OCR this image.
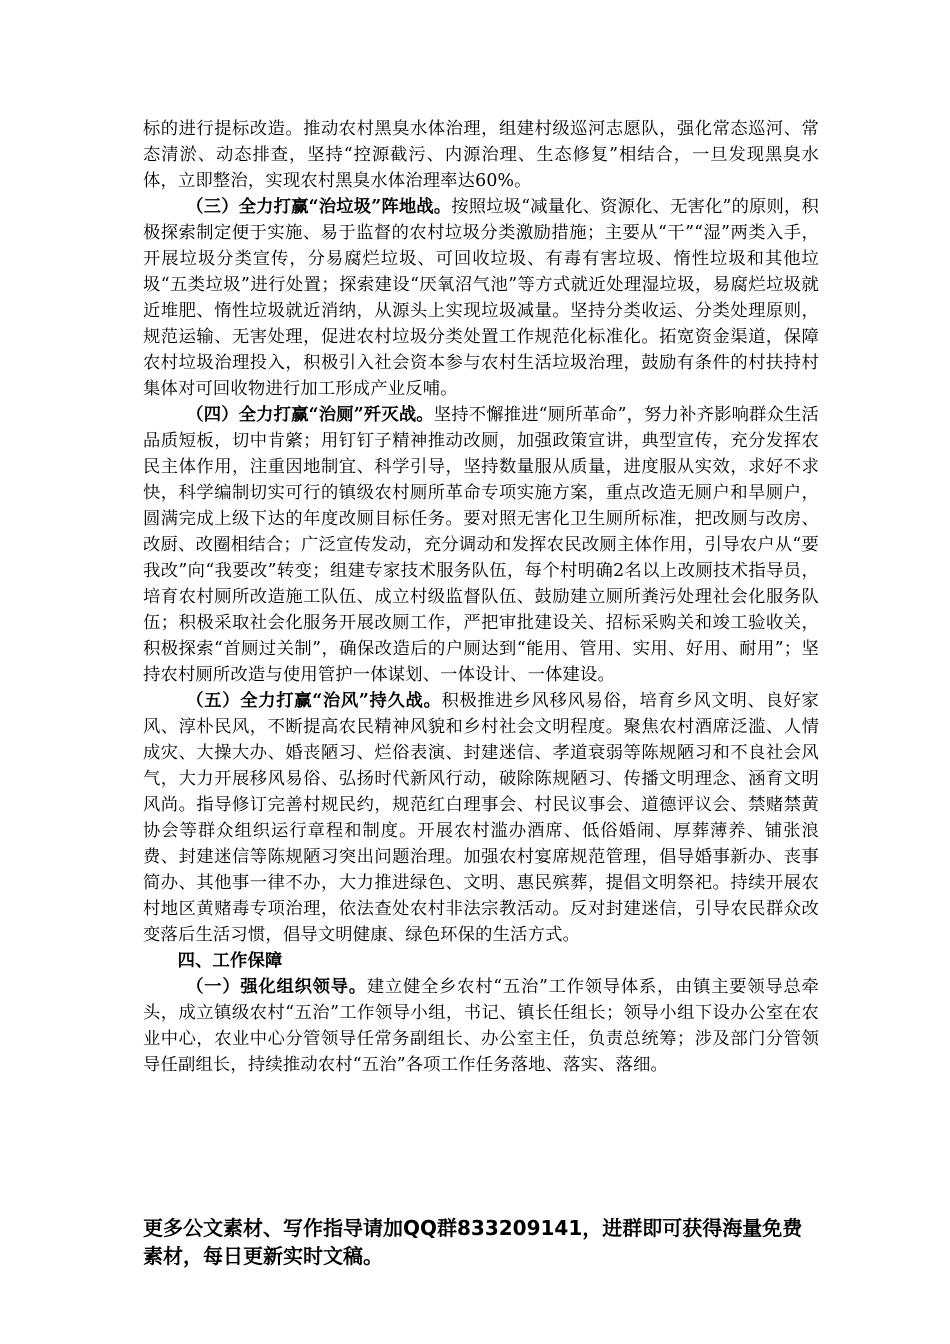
标的进行提标改造。推动农村黑臭水体治理，组建村级巡河志愿队，强化常态巡河、常态清淤、动态排查，坚持“控源截污、内源治理、生态修复”相结合，一旦发现黑臭水体，立即整治，实现农村黑臭水体治理率达60%。

（三）全力打赢“治垃圾”阵地战。按照垃圾“减量化、资源化、无害化”的原则，积极探索制定便于实施、易于监督的农村垃圾分类激励措施；主要从“干”“湿”两类入手，开展垃圾分类宣传，分易腐烂垃圾、可回收垃圾、有毒有害垃圾、惰性垃圾和其他垃圾“五类垃圾”进行处置；探索建设“厌氧沼气池”等方式就近处理湿垃圾，易腐烂垃圾就近堆肥、惰性垃圾就近消纳，从源头上实现垃圾减量。坚持分类收运、分类处理原则，规范运输、无害处理，促进农村垃圾分类处置工作规范化标准化。拓宽资金渠道，保障农村垃圾治理投入，积极引入社会资本参与农村生活垃圾治理，鼓励有条件的村扶持村集体对可回收物进行加工形成产业反哺。

（四）全力打赢“治厕”歼灭战。坚持不懈推进“厕所革命”，努力补齐影响群众生活品质短板，切中肯綮；用钉钉子精神推动改厕，加强政策宣讲，典型宣传，充分发挥农民主体作用，注重因地制宜、科学引导，坚持数量服从质量，进度服从实效，求好不求快，科学编制切实可行的镇级农村厕所革命专项实施方案，重点改造无厕户和旱厕户，圆满完成上级下达的年度改厕目标任务。要对照无害化卫生厕所标准，把改厕与改房、改厨、改圈相结合；广泛宣传发动，充分调动和发挥农民改厕主体作用，引导农户从“要我改”向“我要改”转变；组建专家技术服务队伍，每个村明确2名以上改厕技术指导员，培育农村厕所改造施工队伍、成立村级监督队伍、鼓励建立厕所粪污处理社会化服务队伍；积极采取社会化服务开展改厕工作，严把审批建设关、招标采购关和竣工验收关，积极探索“首厕过关制”，确保改造后的户厕达到“能用、管用、实用、好用、耐用”；坚持农村厕所改造与使用管护一体谋划、一体设计、一体建设。

（五）全力打赢“治风”持久战。积极推进乡风移风易俗，培育乡风文明、良好家风、淳朴民风，不断提高农民精神风貌和乡村社会文明程度。聚焦农村酒席泛滥、人情成灾、大操大办、婚丧陋习、烂俗表演、封建迷信、孝道衰弱等陈规陋习和不良社会风气，大力开展移风易俗、弘扬时代新风行动，破除陈规陋习、传播文明理念、涵育文明风尚。指导修订完善村规民约，规范红白理事会、村民议事会、道德评议会、禁赌禁黄协会等群众组织运行章程和制度。开展农村滥办酒席、低俗婚闹、厚葬薄养、铺张浪费、封建迷信等陈规陋习突出问题治理。加强农村宴席规范管理，倡导婚事新办、丧事简办、其他事一律不办，大力推进绿色、文明、惠民殡葬，提倡文明祭祀。持续开展农村地区黄赌毒专项治理，依法查处农村非法宗教活动。反对封建迷信，引导农民群众改变落后生活习惯，倡导文明健康、绿色环保的生活方式。

四、工作保障

（一）强化组织领导。建立健全乡农村“五治”工作领导体系，由镇主要领导总牵头，成立镇级农村“五治”工作领导小组，书记、镇长任组长；领导小组下设办公室在农业中心，农业中心分管领导任常务副组长、办公室主任，负责总统筹；涉及部门分管领导任副组长，持续推动农村“五治”各项工作任务落地、落实、落细。

更多公文素材、写作指导请加QQ群833209141，进群即可获得海量免费素材，每日更新实时文稿。
